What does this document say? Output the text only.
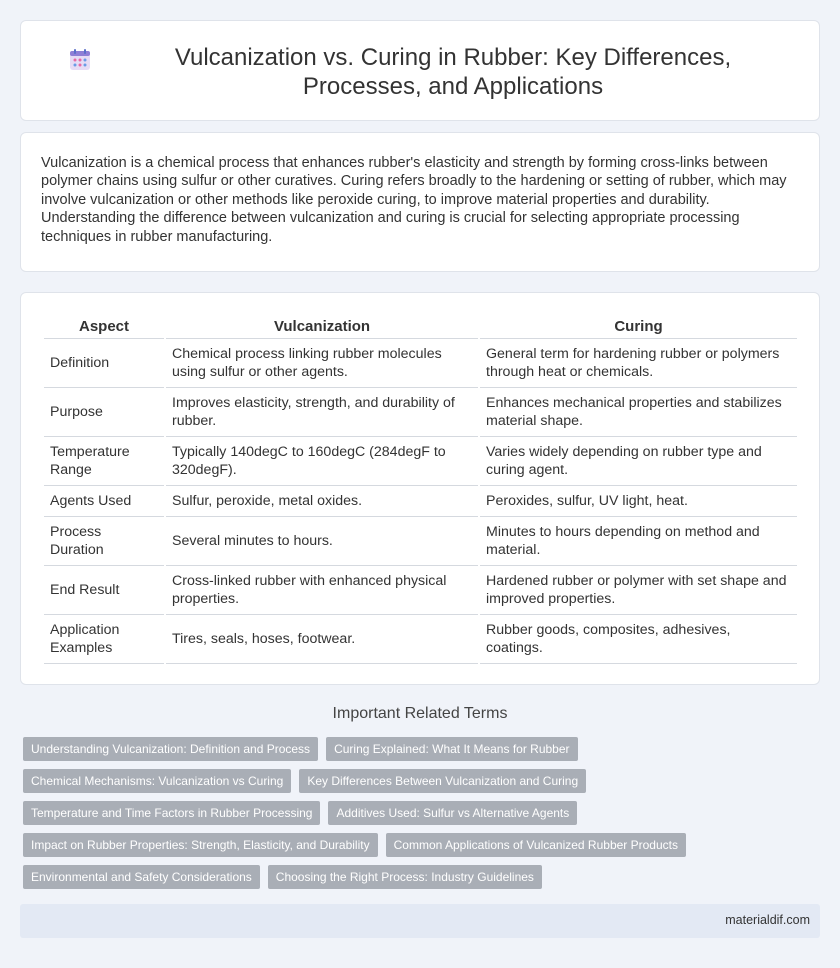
Vulcanization vs. Curing in Rubber: Key Differences, Processes, and Applications

Vulcanization is a chemical process that enhances rubber's elasticity and strength by forming cross-links between polymer chains using sulfur or other curatives. Curing refers broadly to the hardening or setting of rubber, which may involve vulcanization or other methods like peroxide curing, to improve material properties and durability. Understanding the difference between vulcanization and curing is crucial for selecting appropriate processing techniques in rubber manufacturing.

Aspect	Vulcanization	Curing
Definition	Chemical process linking rubber molecules using sulfur or other agents.	General term for hardening rubber or polymers through heat or chemicals.
Purpose	Improves elasticity, strength, and durability of rubber.	Enhances mechanical properties and stabilizes material shape.
Temperature Range	Typically 140degC to 160degC (284degF to 320degF).	Varies widely depending on rubber type and curing agent.
Agents Used	Sulfur, peroxide, metal oxides.	Peroxides, sulfur, UV light, heat.
Process Duration	Several minutes to hours.	Minutes to hours depending on method and material.
End Result	Cross-linked rubber with enhanced physical properties.	Hardened rubber or polymer with set shape and improved properties.
Application Examples	Tires, seals, hoses, footwear.	Rubber goods, composites, adhesives, coatings.
Important Related Terms
Understanding Vulcanization: Definition and Process	Curing Explained: What It Means for Rubber
Chemical Mechanisms: Vulcanization vs Curing	Key Differences Between Vulcanization and Curing
Temperature and Time Factors in Rubber Processing	Additives Used: Sulfur vs Alternative Agents
Impact on Rubber Properties: Strength, Elasticity, and Durability	Common Applications of Vulcanized Rubber Products
Environmental and Safety Considerations	Choosing the Right Process: Industry Guidelines
materialdif.com
